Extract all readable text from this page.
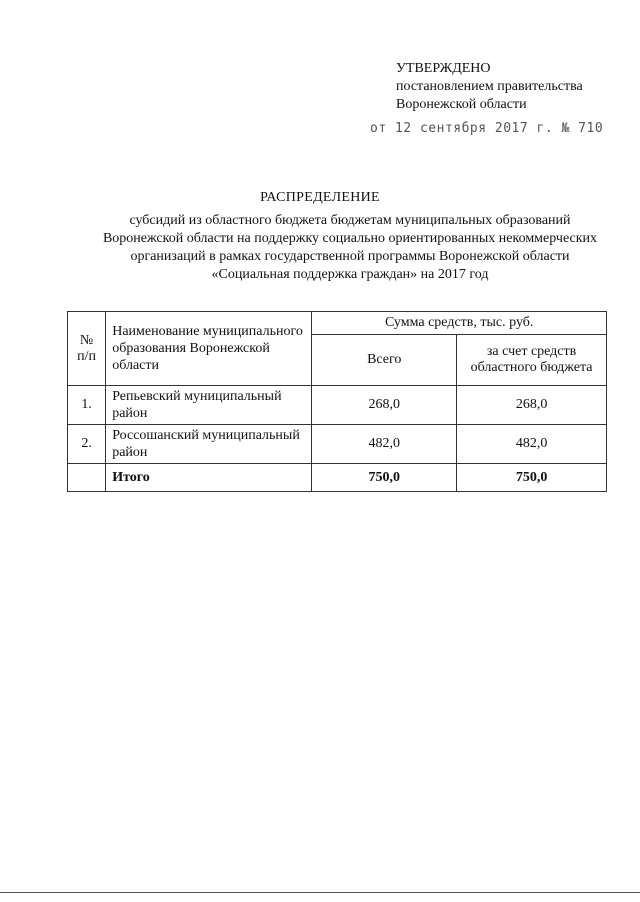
УТВЕРЖДЕНО
постановлением правительства
Воронежской области
от 12 сентября 2017 г. № 710
РАСПРЕДЕЛЕНИЕ
субсидий из областного бюджета бюджетам муниципальных образований Воронежской области на поддержку социально ориентированных некоммерческих организаций в рамках государственной программы Воронежской области «Социальная поддержка граждан» на 2017 год
№ п/п	Наименование муниципального образования Воронежской области	Сумма средств, тыс. руб.	
		Всего	за счет средств областного бюджета
1.	Репьевский муниципальный район	268,0	268,0
2.	Россошанский муниципальный район	482,0	482,0
	Итого	750,0	750,0
